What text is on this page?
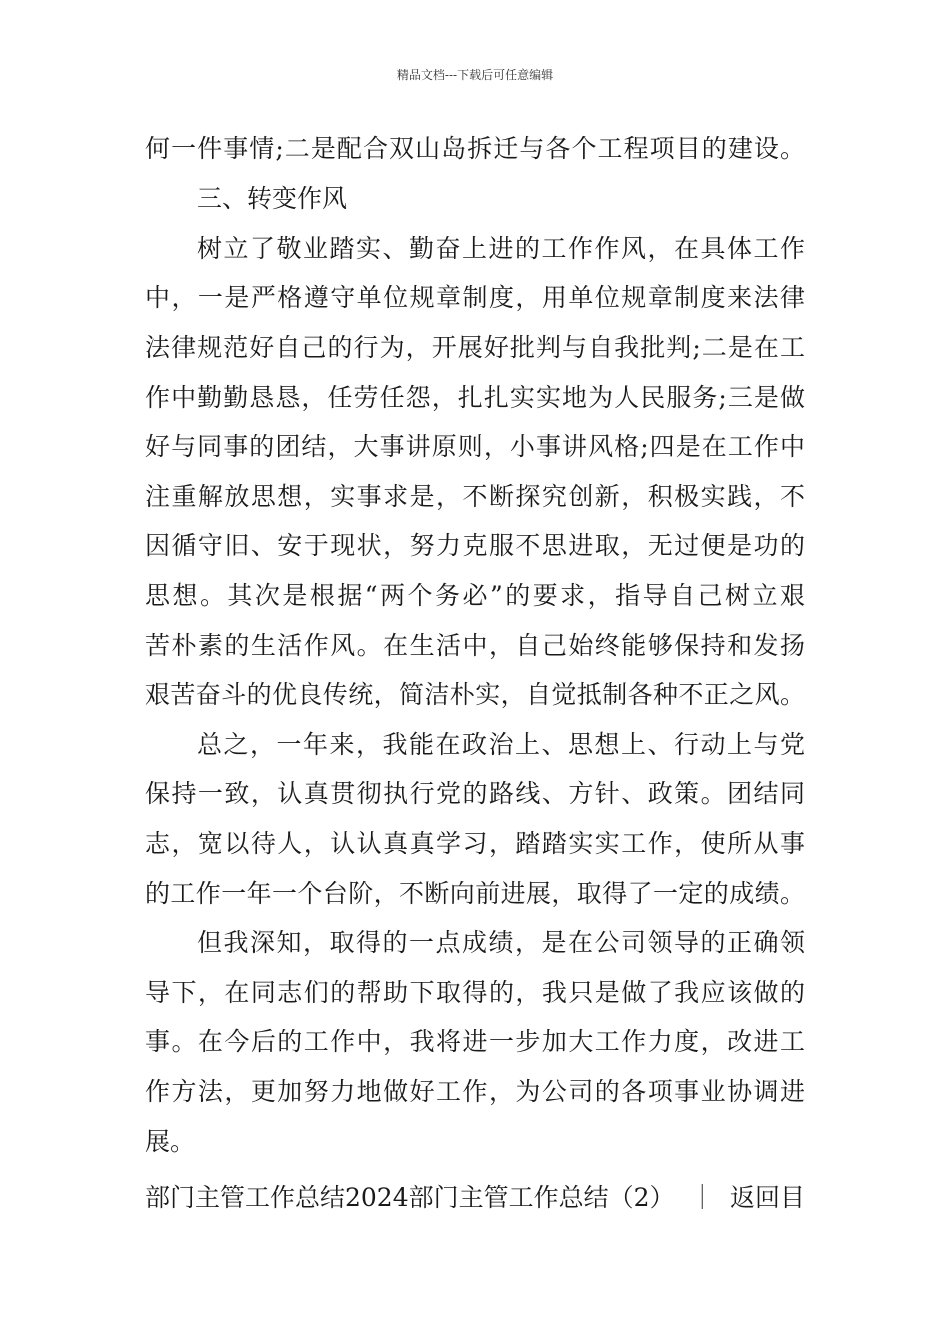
精品文档---下载后可任意编辑
何一件事情;二是配合双山岛拆迁与各个工程项目的建设。
三、转变作风
树立了敬业踏实、勤奋上进的工作作风，在具体工作
中，一是严格遵守单位规章制度，用单位规章制度来法律
法律规范好自己的行为，开展好批判与自我批判;二是在工
作中勤勤恳恳，任劳任怨，扎扎实实地为人民服务;三是做
好与同事的团结，大事讲原则，小事讲风格;四是在工作中
注重解放思想，实事求是，不断探究创新，积极实践，不
因循守旧、安于现状，努力克服不思进取，无过便是功的
思想。其次是根据“两个务必”的要求，指导自己树立艰
苦朴素的生活作风。在生活中，自己始终能够保持和发扬
艰苦奋斗的优良传统，简洁朴实，自觉抵制各种不正之风。
总之，一年来，我能在政治上、思想上、行动上与党
保持一致，认真贯彻执行党的路线、方针、政策。团结同
志，宽以待人，认认真真学习，踏踏实实工作，使所从事
的工作一年一个台阶，不断向前进展，取得了一定的成绩。
但我深知，取得的一点成绩，是在公司领导的正确领
导下，在同志们的帮助下取得的，我只是做了我应该做的
事。在今后的工作中，我将进一步加大工作力度，改进工
作方法，更加努力地做好工作，为公司的各项事业协调进
展。
部门主管工作总结2024部门主管工作总结（2） ｜ 返回目
